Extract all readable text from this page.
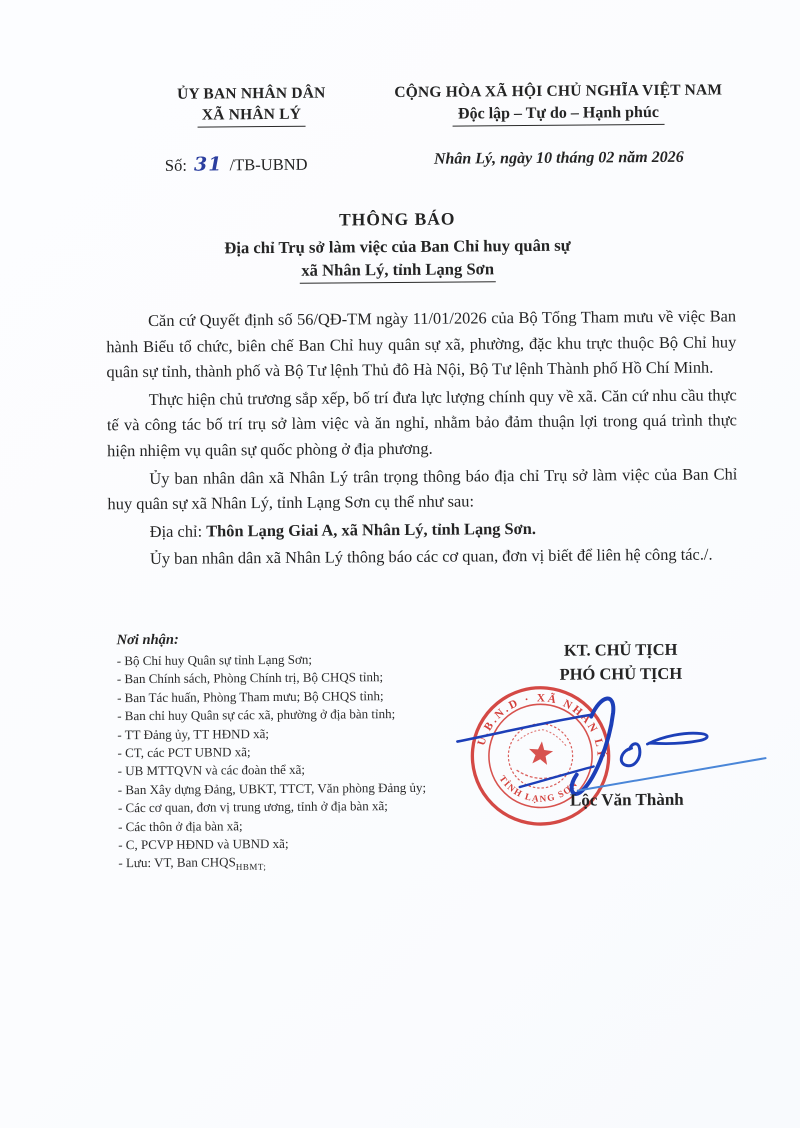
ỦY BAN NHÂN DÂN
XÃ NHÂN LÝ
Số: 31 /TB-UBND
CỘNG HÒA XÃ HỘI CHỦ NGHĨA VIỆT NAM
Độc lập – Tự do – Hạnh phúc
Nhân Lý, ngày 10 tháng 02 năm 2026
THÔNG BÁO
Địa chỉ Trụ sở làm việc của Ban Chỉ huy quân sự
xã Nhân Lý, tỉnh Lạng Sơn

Căn cứ Quyết định số 56/QĐ-TM ngày 11/01/2026 của Bộ Tổng Tham mưu về việc Ban hành Biểu tổ chức, biên chế Ban Chỉ huy quân sự xã, phường, đặc khu trực thuộc Bộ Chỉ huy quân sự tỉnh, thành phố và Bộ Tư lệnh Thủ đô Hà Nội, Bộ Tư lệnh Thành phố Hồ Chí Minh.

Thực hiện chủ trương sắp xếp, bố trí đưa lực lượng chính quy về xã. Căn cứ nhu cầu thực tế và công tác bố trí trụ sở làm việc và ăn nghỉ, nhằm bảo đảm thuận lợi trong quá trình thực hiện nhiệm vụ quân sự quốc phòng ở địa phương.

Ủy ban nhân dân xã Nhân Lý trân trọng thông báo địa chỉ Trụ sở làm việc của Ban Chỉ huy quân sự xã Nhân Lý, tỉnh Lạng Sơn cụ thể như sau:

Địa chỉ: Thôn Lạng Giai A, xã Nhân Lý, tỉnh Lạng Sơn.

Ủy ban nhân dân xã Nhân Lý thông báo các cơ quan, đơn vị biết để liên hệ công tác./.

Nơi nhận:
- Bộ Chỉ huy Quân sự tỉnh Lạng Sơn;
- Ban Chính sách, Phòng Chính trị, Bộ CHQS tỉnh;
- Ban Tác huấn, Phòng Tham mưu; Bộ CHQS tỉnh;
- Ban chỉ huy Quân sự các xã, phường ở địa bàn tỉnh;
- TT Đảng ủy, TT HĐND xã;
- CT, các PCT UBND xã;
- UB MTTQVN và các đoàn thể xã;
- Ban Xây dựng Đảng, UBKT, TTCT, Văn phòng Đảng ủy;
- Các cơ quan, đơn vị trung ương, tỉnh ở địa bàn xã;
- Các thôn ở địa bàn xã;
- C, PCVP HĐND và UBND xã;
- Lưu: VT, Ban $CHQS_{HBMT;}$
KT. CHỦ TỊCH
PHÓ CHỦ TỊCH
U.B.N.D · XÃ NHÂN LÝ
TỈNH LẠNG SƠN
Lộc Văn Thành
